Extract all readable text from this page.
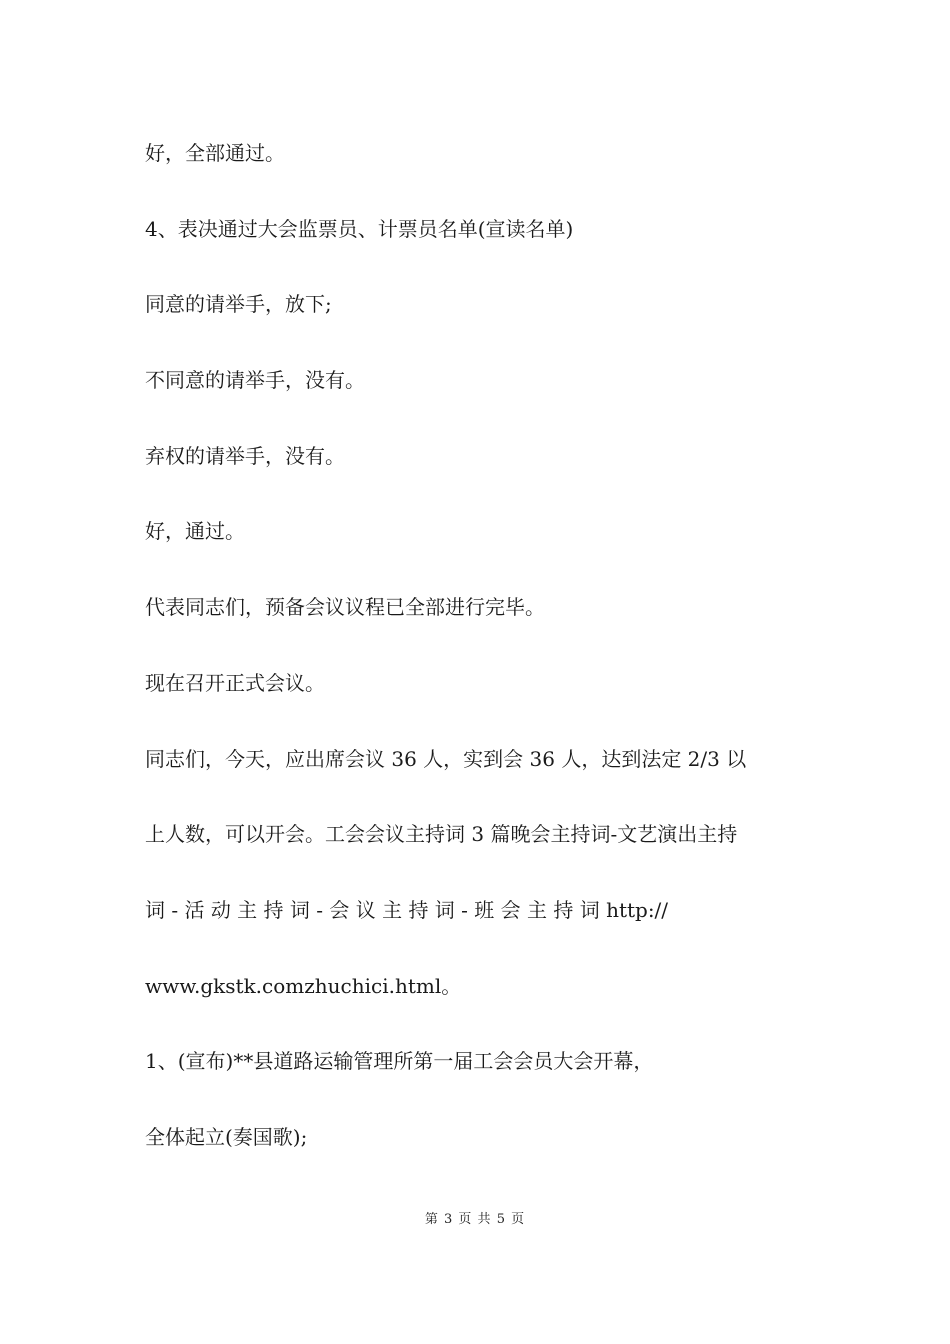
好，全部通过。
4、表决通过大会监票员、计票员名单(宣读名单)
同意的请举手，放下;
不同意的请举手，没有。
弃权的请举手，没有。
好，通过。
代表同志们，预备会议议程已全部进行完毕。
现在召开正式会议。
同志们，今天，应出席会议 36 人，实到会 36 人，达到法定 2/3 以
上人数，可以开会。工会会议主持词 3 篇晚会主持词-文艺演出主持
词 - 活 动 主 持 词 - 会 议 主 持 词 - 班 会 主 持 词 http://
www.gkstk.comzhuchici.html。
1、(宣布)**县道路运输管理所第一届工会会员大会开幕，
全体起立(奏国歌);
第 3 页 共 5 页
